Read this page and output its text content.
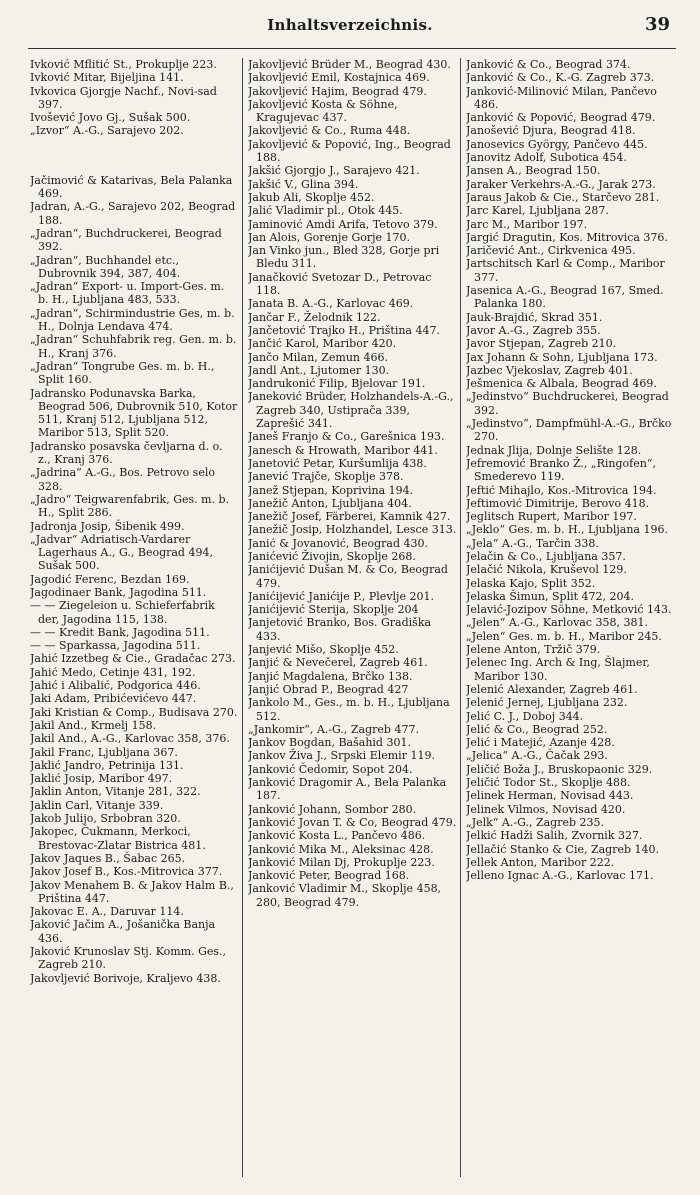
Inhaltsverzeichnis.	39

Ivković Mflitić St., Prokuplje 223.

Ivković Mitar, Bijeljina 141.

Ivkovica Gjorgje Nachf., Novi-sad 397.

Ivošević Jovo Gj., Sušak 500.

„Izvor“ A.-G., Sarajevo 202.

Jačimović & Katarivas, Bela Palanka 469.

Jadran, A.-G., Sarajevo 202, Beograd 188.

„Jadran“, Buchdruckerei, Beograd 392.

„Jadran“, Buchhandel etc., Dubrovnik 394, 387, 404.

„Jadran“ Export- u. Import-Ges. m. b. H., Ljubljana 483, 533.

„Jadran“, Schirmindustrie Ges, m. b. H., Dolnja Lendava 474.

„Jadran“ Schuhfabrik reg. Gen. m. b. H., Kranj 376.

„Jadran“ Tongrube Ges. m. b. H., Split 160.

Jadransko Podunavska Barka, Beograd 506, Dubrovnik 510, Kotor 511, Kranj 512, Ljubljana 512, Maribor 513, Split 520.

Jadransko posavska čevljarna d. o. z., Kranj 376.

„Jadrina“ A.-G., Bos. Petrovo selo 328.

„Jadro“ Teigwarenfabrik, Ges. m. b. H., Split 286.

Jadronja Josip, Šibenik 499.

„Jadvar“ Adriatisch-Vardarer Lagerhaus A., G., Beograd 494, Sušak 500.

Jagodić Ferenc, Bezdan 169.

Jagodinaer Bank, Jagodina 511.

— — Ziegeleion u. Schieferfabrik der, Jagodina 115, 138.

— — Kredit Bank, Jagodina 511.

— — Sparkassa, Jagodina 511.

Jahić Izzetbeg & Cie., Gradačac 273.

Jahić Medo, Cetinje 431, 192.

Jahić i Alibalić, Podgorica 446.

Jaki Adam, Pribićevićevo 447.

Jaki Kristian & Comp., Budisava 270.

Jakil And., Krmelj 158.

Jakil And., A.-G., Karlovac 358, 376.

Jakil Franc, Ljubljana 367.

Jaklić Jandro, Petrinija 131.

Jaklić Josip, Maribor 497.

Jaklin Anton, Vitanje 281, 322.

Jaklin Carl, Vitanje 339.

Jakob Julijo, Srbobran 320.

Jakopec, Čukmann, Merkoci, Brestovac-Zlatar Bistrica 481.

Jakov Jaques B., Šabac 265.

Jakov Josef B., Kos.-Mitrovica 377.

Jakov Menahem B. & Jakov Halm B., Priština 447.

Jakovac E. A., Daruvar 114.

Jaković Jačim A., Jošanička Banja 436.

Jaković Krunoslav Stj. Komm. Ges., Zagreb 210.

Jakovljević Borivoje, Kraljevo 438.

Jakovljević Brüder M., Beograd 430.

Jakovljević Emil, Kostajnica 469.

Jakovljević Hajim, Beograd 479.

Jakovljević Kosta & Söhne, Kragujevac 437.

Jakovljević & Co., Ruma 448.

Jakovljević & Popović, Ing., Beograd 188.

Jakšić Gjorgjo J., Sarajevo 421.

Jakšić V., Glina 394.

Jakub Ali, Skoplje 452.

Jalić Vladimir pl., Otok 445.

Jaminović Amdi Arifa, Tetovo 379.

Jan Alois, Gorenje Gorje 170.

Jan Vinko jun., Bled 328, Gorje pri Bledu 311.

Janačković Svetozar D., Petrovac 118.

Janata B. A.-G., Karlovac 469.

Jančar F., Želodnik 122.

Jančetović Trajko H., Priština 447.

Jančić Karol, Maribor 420.

Jančo Milan, Zemun 466.

Jandl Ant., Ljutomer 130.

Jandrukonić Filip, Bjelovar 191.

Janeković Brüder, Holzhandels-A.-G., Zagreb 340, Ustiprača 339, Zaprešić 341.

Janeš Franjo & Co., Garešnica 193.

Janesch & Hrowath, Maribor 441.

Janetović Petar, Kuršumlija 438.

Janević Trajče, Skoplje 378.

Janež Stjepan, Koprivina 194.

Janežič Anton, Ljubljana 404.

Janežič Josef, Färberei, Kamnik 427.

Janežič Josip, Holzhandel, Lesce 313.

Janić & Jovanović, Beograd 430.

Janićević Živojin, Skoplje 268.

Janićijević Dušan M. & Co, Beograd 479.

Janićijević Janićije P., Plevlje 201.

Janićijević Sterija, Skoplje 204

Janjetović Branko, Bos. Gradiška 433.

Janjević Mišo, Skoplje 452.

Janjić & Nevečerel, Zagreb 461.

Janjić Magdalena, Brčko 138.

Janjić Obrad P., Beograd 427

Jankolo M., Ges., m. b. H., Ljubljana 512.

„Jankomir“, A.-G., Zagreb 477.

Jankov Bogdan, Bašahid 301.

Jankov Živa J., Srpski Elemir 119.

Janković Čedomir, Sopot 204.

Janković Dragomir A., Bela Palanka 187.

Janković Johann, Sombor 280.

Janković Jovan T. & Co, Beograd 479.

Janković Kosta L., Pančevo 486.

Janković Mika M., Aleksinac 428.

Janković Milan Dj, Prokuplje 223.

Janković Peter, Beograd 168.

Janković Vladimir M., Skoplje 458, 280, Beograd 479.

Janković & Co., Beograd 374.

Janković & Co., K.-G. Zagreb 373.

Janković-Milinović Milan, Pančevo 486.

Janković & Popović, Beograd 479.

Janošević Djura, Beograd 418.

Janosevics György, Pančevo 445.

Janovitz Adolf, Subotica 454.

Jansen A., Beograd 150.

Jaraker Verkehrs-A.-G., Jarak 273.

Jaraus Jakob & Cie., Starčevo 281.

Jarc Karel, Ljubljana 287.

Jarc M., Maribor 197.

Jargić Dragutin, Kos. Mitrovica 376.

Jaričević Ant., Cirkvenica 495.

Jartschitsch Karl & Comp., Maribor 377.

Jasenica A.-G., Beograd 167, Smed. Palanka 180.

Jauk-Brajdić, Skrad 351.

Javor A.-G., Zagreb 355.

Javor Stjepan, Zagreb 210.

Jax Johann & Sohn, Ljubljana 173.

Jazbec Vjekoslav, Zagreb 401.

Ješmenica & Albala, Beograd 469.

„Jedinstvo“ Buchdruckerei, Beograd 392.

„Jedinstvo“, Dampfmühl-A.-G., Brčko 270.

Jednak Jlija, Dolnje Selište 128.

Jefremović Branko Ž., „Ringofen“, Smederevo 119.

Jeftić Mihajlo, Kos.-Mitrovica 194.

Jeftimović Dimitrije, Berovo 418.

Jeglitsch Rupert, Maribor 197.

„Jeklo“ Ges. m. b. H., Ljubljana 196.

„Jela“ A.-G., Tarčin 338.

Jelačin & Co., Ljubljana 357.

Jelačić Nikola, Kruševol 129.

Jelaska Kajo, Split 352.

Jelaska Šimun, Split 472, 204.

Jelavić-Jozipov Söhne, Metković 143.

„Jelen“ A.-G., Karlovac 358, 381.

„Jelen“ Ges. m. b. H., Maribor 245.

Jelene Anton, Tržič 379.

Jelenec Ing. Arch & Ing, Šlajmer, Maribor 130.

Jelenić Alexander, Zagreb 461.

Jelenić Jernej, Ljubljana 232.

Jelić C. J., Doboj 344.

Jelić & Co., Beograd 252.

Jelić i Matejić, Azanje 428.

„Jelica“ A.-G., Čačak 293.

Jeličić Boža J., Bruskopaonic 329.

Jeličić Todor St., Skoplje 488.

Jelinek Herman, Novisad 443.

Jelinek Vilmos, Novisad 420.

„Jelk“ A.-G., Zagreb 235.

Jelkić Hadži Salih, Zvornik 327.

Jellačić Stanko & Cie, Zagreb 140.

Jellek Anton, Maribor 222.

Jelleno Ignac A.-G., Karlovac 171.
